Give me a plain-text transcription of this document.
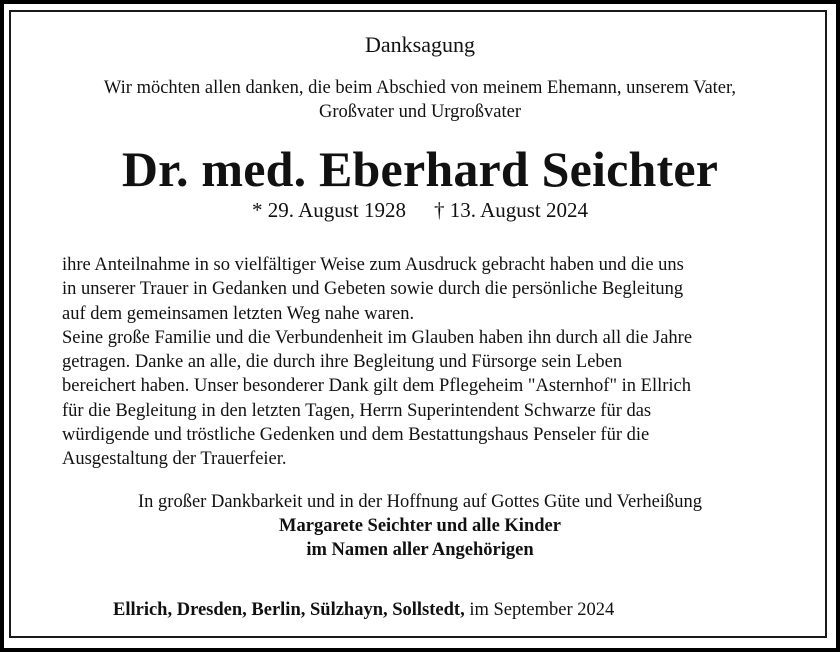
Danksagung
Wir möchten allen danken, die beim Abschied von meinem Ehemann, unserem Vater,
Großvater und Urgroßvater
Dr. med. Eberhard Seichter
* 29. August 1928 † 13. August 2024
ihre Anteilnahme in so vielfältiger Weise zum Ausdruck gebracht haben und die uns
in unserer Trauer in Gedanken und Gebeten sowie durch die persönliche Begleitung
auf dem gemeinsamen letzten Weg nahe waren.
Seine große Familie und die Verbundenheit im Glauben haben ihn durch all die Jahre
getragen. Danke an alle, die durch ihre Begleitung und Fürsorge sein Leben
bereichert haben. Unser besonderer Dank gilt dem Pflegeheim "Asternhof" in Ellrich
für die Begleitung in den letzten Tagen, Herrn Superintendent Schwarze für das
würdigende und tröstliche Gedenken und dem Bestattungshaus Penseler für die
Ausgestaltung der Trauerfeier.
In großer Dankbarkeit und in der Hoffnung auf Gottes Güte und Verheißung
Margarete Seichter und alle Kinder
im Namen aller Angehörigen
Ellrich, Dresden, Berlin, Sülzhayn, Sollstedt, im September 2024
